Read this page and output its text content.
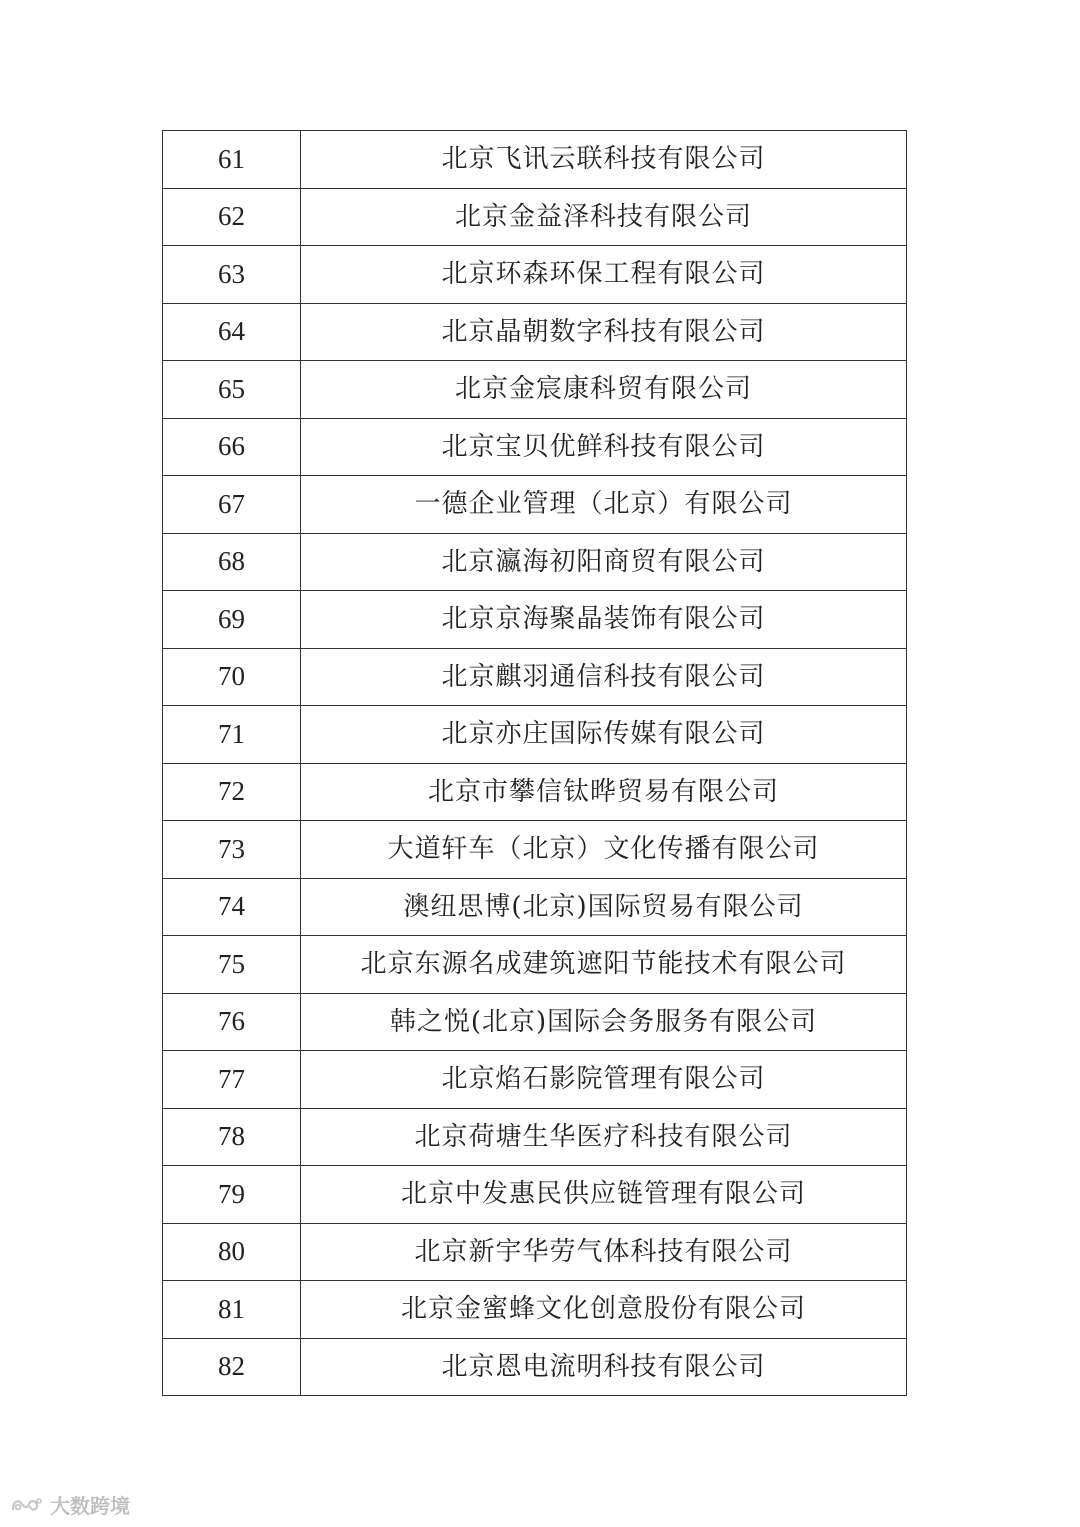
61	北京飞讯云联科技有限公司
62	北京金益泽科技有限公司
63	北京环森环保工程有限公司
64	北京晶朝数字科技有限公司
65	北京金宸康科贸有限公司
66	北京宝贝优鲜科技有限公司
67	一德企业管理（北京）有限公司
68	北京瀛海初阳商贸有限公司
69	北京京海聚晶装饰有限公司
70	北京麒羽通信科技有限公司
71	北京亦庄国际传媒有限公司
72	北京市攀信钛晔贸易有限公司
73	大道轩车（北京）文化传播有限公司
74	澳纽思博(北京)国际贸易有限公司
75	北京东源名成建筑遮阳节能技术有限公司
76	韩之悦(北京)国际会务服务有限公司
77	北京焰石影院管理有限公司
78	北京荷塘生华医疗科技有限公司
79	北京中发惠民供应链管理有限公司
80	北京新宇华劳气体科技有限公司
81	北京金蜜蜂文化创意股份有限公司
82	北京恩电流明科技有限公司
大数跨境
